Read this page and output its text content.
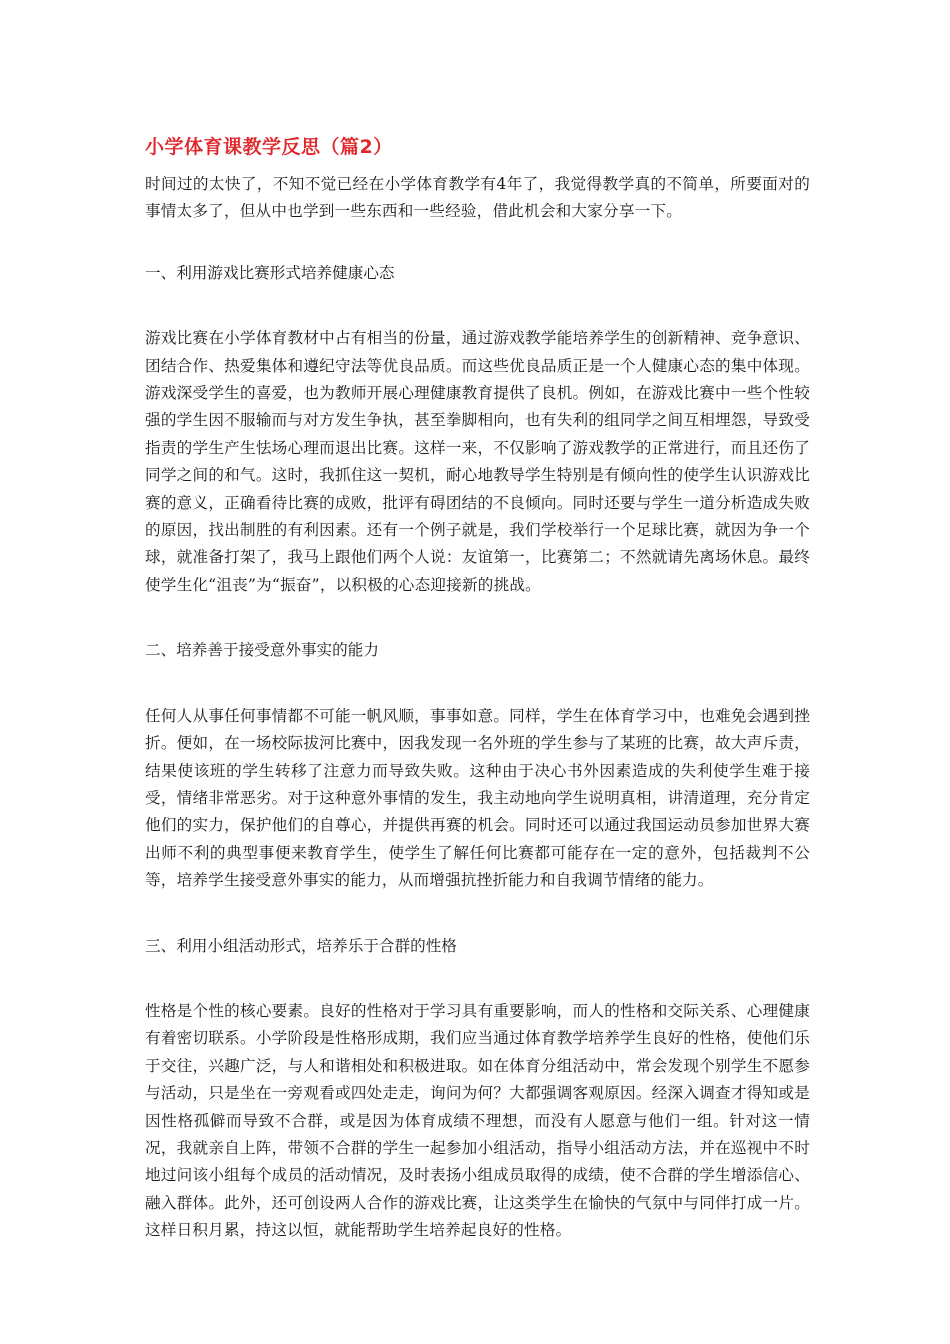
小学体育课教学反思（篇2）

时间过的太快了，不知不觉已经在小学体育教学有4年了，我觉得教学真的不简单，所要面对的事情太多了，但从中也学到一些东西和一些经验，借此机会和大家分享一下。

一、利用游戏比赛形式培养健康心态

游戏比赛在小学体育教材中占有相当的份量，通过游戏教学能培养学生的创新精神、竞争意识、团结合作、热爱集体和遵纪守法等优良品质。而这些优良品质正是一个人健康心态的集中体现。游戏深受学生的喜爱，也为教师开展心理健康教育提供了良机。例如，在游戏比赛中一些个性较强的学生因不服输而与对方发生争执，甚至拳脚相向，也有失利的组同学之间互相埋怨，导致受指责的学生产生怯场心理而退出比赛。这样一来，不仅影响了游戏教学的正常进行，而且还伤了同学之间的和气。这时，我抓住这一契机，耐心地教导学生特别是有倾向性的使学生认识游戏比赛的意义，正确看待比赛的成败，批评有碍团结的不良倾向。同时还要与学生一道分析造成失败的原因，找出制胜的有利因素。还有一个例子就是，我们学校举行一个足球比赛，就因为争一个球，就准备打架了，我马上跟他们两个人说：友谊第一，比赛第二；不然就请先离场休息。最终使学生化“沮丧”为“振奋”，以积极的心态迎接新的挑战。

二、培养善于接受意外事实的能力

任何人从事任何事情都不可能一帆风顺，事事如意。同样，学生在体育学习中，也难免会遇到挫折。便如，在一场校际拔河比赛中，因我发现一名外班的学生参与了某班的比赛，故大声斥责，结果使该班的学生转移了注意力而导致失败。这种由于决心书外因素造成的失利使学生难于接受，情绪非常恶劣。对于这种意外事情的发生，我主动地向学生说明真相，讲清道理，充分肯定他们的实力，保护他们的自尊心，并提供再赛的机会。同时还可以通过我国运动员参加世界大赛出师不利的典型事便来教育学生，使学生了解任何比赛都可能存在一定的意外，包括裁判不公等，培养学生接受意外事实的能力，从而增强抗挫折能力和自我调节情绪的能力。

三、利用小组活动形式，培养乐于合群的性格

性格是个性的核心要素。良好的性格对于学习具有重要影响，而人的性格和交际关系、心理健康有着密切联系。小学阶段是性格形成期，我们应当通过体育教学培养学生良好的性格，使他们乐于交往，兴趣广泛，与人和谐相处和积极进取。如在体育分组活动中，常会发现个别学生不愿参与活动，只是坐在一旁观看或四处走走，询问为何？大都强调客观原因。经深入调查才得知或是因性格孤僻而导致不合群，或是因为体育成绩不理想，而没有人愿意与他们一组。针对这一情况，我就亲自上阵，带领不合群的学生一起参加小组活动，指导小组活动方法，并在巡视中不时地过问该小组每个成员的活动情况，及时表扬小组成员取得的成绩，使不合群的学生增添信心、融入群体。此外，还可创设两人合作的游戏比赛，让这类学生在愉快的气氛中与同伴打成一片。这样日积月累，持这以恒，就能帮助学生培养起良好的性格。
